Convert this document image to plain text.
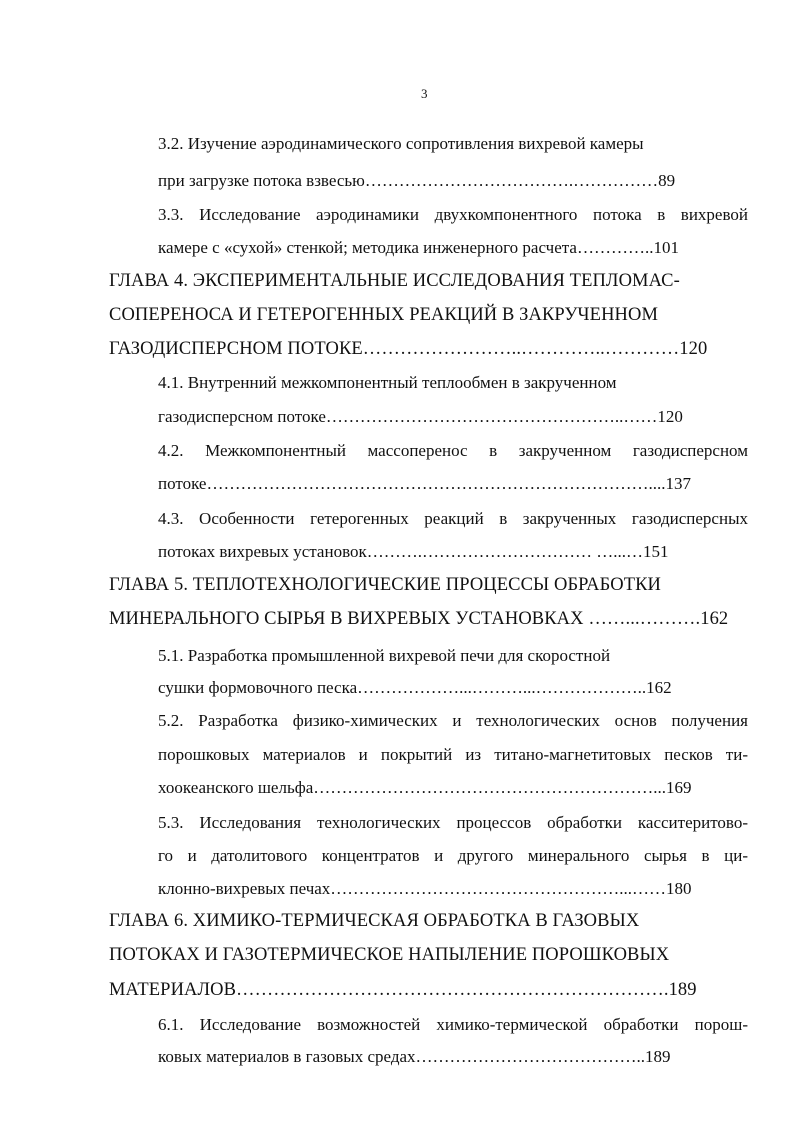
3
3.2. Изучение аэродинамического сопротивления вихревой камеры
при загрузке потока взвесью……………………………….……………89
3.3. Исследование аэродинамики двухкомпонентного потока в вихревой
камере с «сухой» стенкой; методика инженерного расчета…………..101
ГЛАВА 4. ЭКСПЕРИМЕНТАЛЬНЫЕ ИССЛЕДОВАНИЯ ТЕПЛОМАС-
СОПЕРЕНОСА И ГЕТЕРОГЕННЫХ РЕАКЦИЙ В ЗАКРУЧЕННОМ
ГАЗОДИСПЕРСНОМ ПОТОКЕ……………………..…………..…………120
4.1. Внутренний межкомпонентный теплообмен в закрученном
газодисперсном потоке……………………………………………..……120
4.2. Межкомпонентный массоперенос в закрученном газодисперсном
потоке……………………………………………………………………....137
4.3. Особенности гетерогенных реакций в закрученных газодисперсных
потоках вихревых установок……….………………………… …...…151
ГЛАВА 5. ТЕПЛОТЕХНОЛОГИЧЕСКИЕ ПРОЦЕССЫ ОБРАБОТКИ
МИНЕРАЛЬНОГО СЫРЬЯ В ВИХРЕВЫХ УСТАНОВКАХ ……...……….162
5.1. Разработка промышленной вихревой печи для скоростной
сушки формовочного песка………………...………...………………..162
5.2. Разработка физико-химических и технологических основ получения
порошковых материалов и покрытий из титано-магнетитовых песков ти-
хоокеанского шельфа……………………………………………………...169
5.3. Исследования технологических процессов обработки касситеритово-
го и датолитового концентратов и другого минерального сырья в ци-
клонно-вихревых печах……………………………………………...……180
ГЛАВА 6. ХИМИКО-ТЕРМИЧЕСКАЯ ОБРАБОТКА В ГАЗОВЫХ
ПОТОКАХ И ГАЗОТЕРМИЧЕСКОЕ НАПЫЛЕНИЕ ПОРОШКОВЫХ
МАТЕРИАЛОВ…………………………………………………………….189
6.1. Исследование возможностей химико-термической обработки порош-
ковых материалов в газовых средах…………………………………..189
